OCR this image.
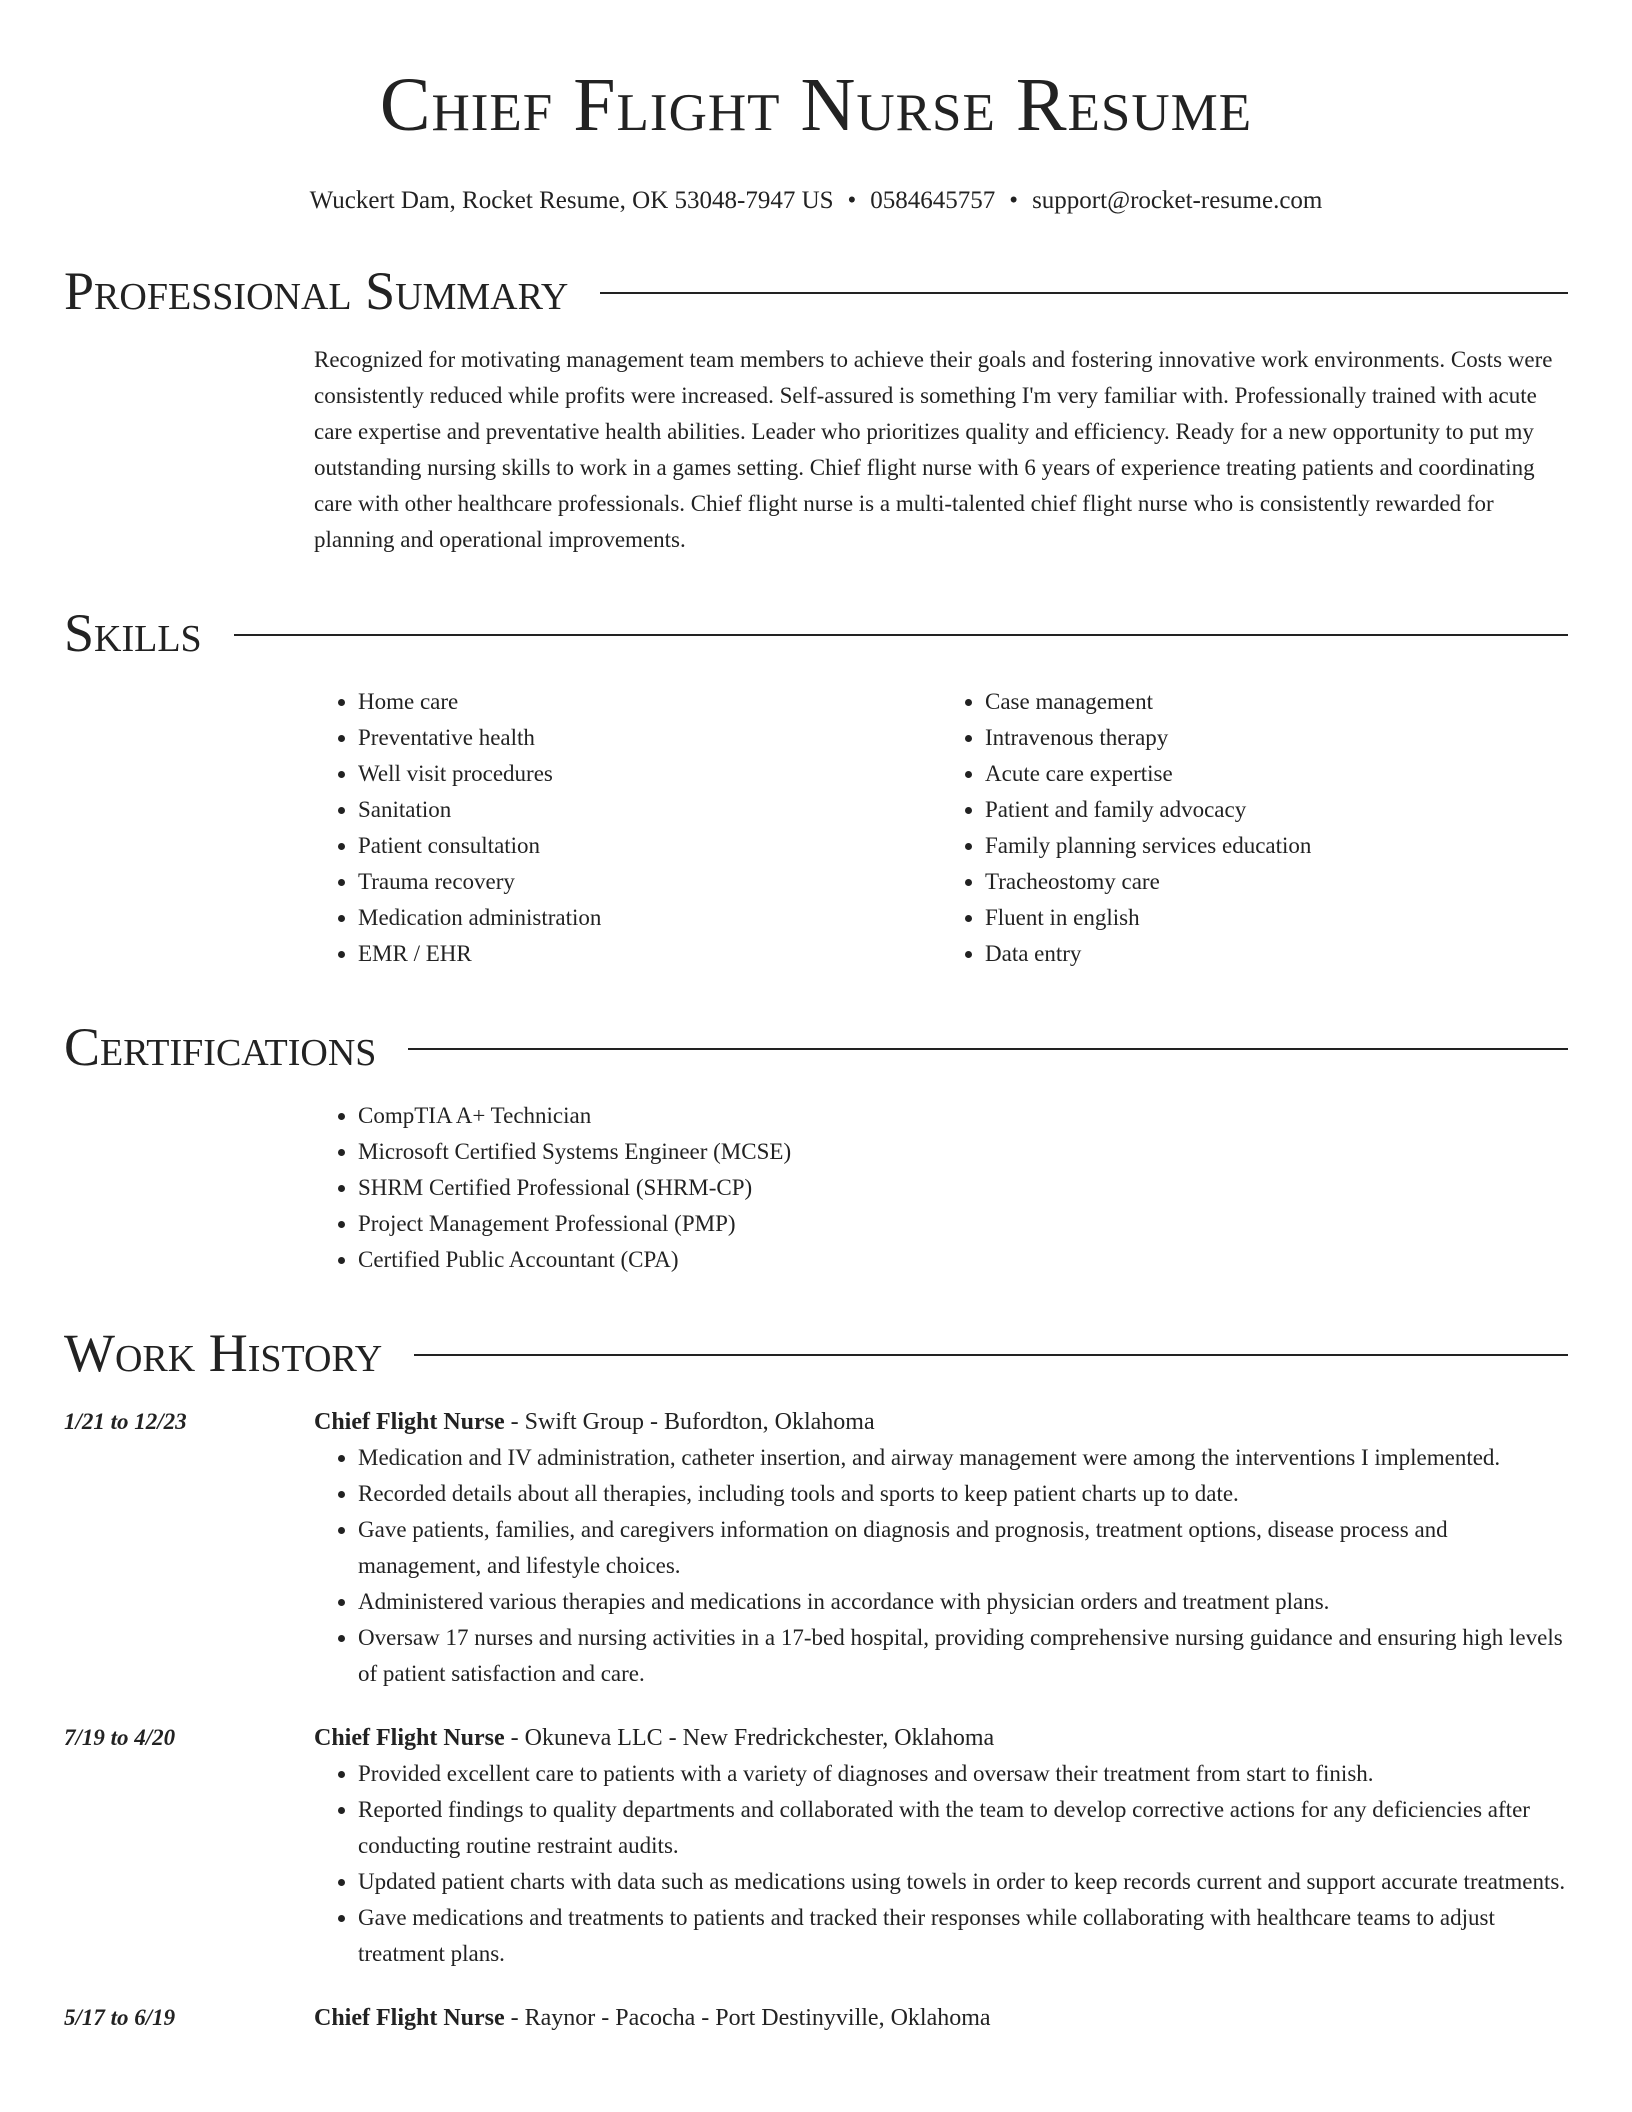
Chief Flight Nurse Resume
Wuckert Dam, Rocket Resume, OK 53048-7947 US • 0584645757 • support@rocket-resume.com
Professional Summary
Recognized for motivating management team members to achieve their goals and fostering innovative work environments. Costs were consistently reduced while profits were increased. Self-assured is something I'm very familiar with. Professionally trained with acute care expertise and preventative health abilities. Leader who prioritizes quality and efficiency. Ready for a new opportunity to put my outstanding nursing skills to work in a games setting. Chief flight nurse with 6 years of experience treating patients and coordinating care with other healthcare professionals. Chief flight nurse is a multi-talented chief flight nurse who is consistently rewarded for planning and operational improvements.
Skills
• Home care
• Preventative health
• Well visit procedures
• Sanitation
• Patient consultation
• Trauma recovery
• Medication administration
• EMR / EHR
• Case management
• Intravenous therapy
• Acute care expertise
• Patient and family advocacy
• Family planning services education
• Tracheostomy care
• Fluent in english
• Data entry
Certifications
• CompTIA A+ Technician
• Microsoft Certified Systems Engineer (MCSE)
• SHRM Certified Professional (SHRM-CP)
• Project Management Professional (PMP)
• Certified Public Accountant (CPA)
Work History
1/21 to 12/23	Chief Flight Nurse - Swift Group - Bufordton, Oklahoma
• Medication and IV administration, catheter insertion, and airway management were among the interventions I implemented.
• Recorded details about all therapies, including tools and sports to keep patient charts up to date.
• Gave patients, families, and caregivers information on diagnosis and prognosis, treatment options, disease process and management, and lifestyle choices.
• Administered various therapies and medications in accordance with physician orders and treatment plans.
• Oversaw 17 nurses and nursing activities in a 17-bed hospital, providing comprehensive nursing guidance and ensuring high levels of patient satisfaction and care.
7/19 to 4/20	Chief Flight Nurse - Okuneva LLC - New Fredrickchester, Oklahoma
• Provided excellent care to patients with a variety of diagnoses and oversaw their treatment from start to finish.
• Reported findings to quality departments and collaborated with the team to develop corrective actions for any deficiencies after conducting routine restraint audits.
• Updated patient charts with data such as medications using towels in order to keep records current and support accurate treatments.
• Gave medications and treatments to patients and tracked their responses while collaborating with healthcare teams to adjust treatment plans.
5/17 to 6/19	Chief Flight Nurse - Raynor - Pacocha - Port Destinyville, Oklahoma
